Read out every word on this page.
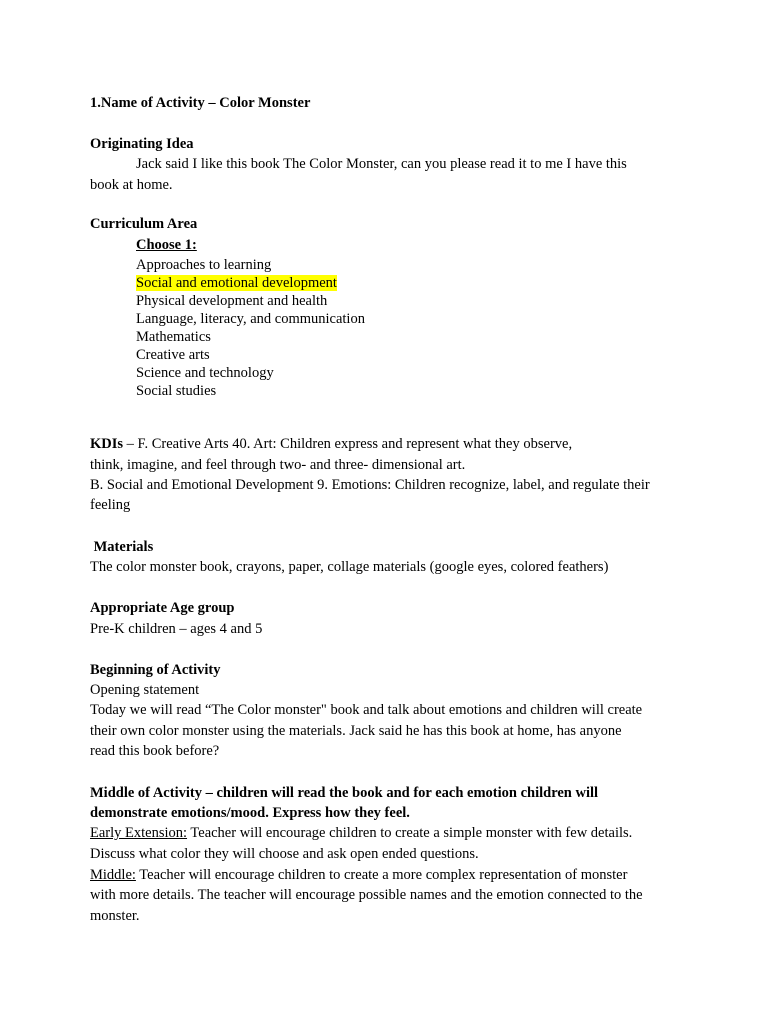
1.Name of Activity – Color Monster
Originating Idea
Jack said I like this book The Color Monster, can you please read it to me I have this
book at home.
Curriculum Area
Choose 1:
Approaches to learning
Social and emotional development
Physical development and health
Language, literacy, and communication
Mathematics
Creative arts
Science and technology
Social studies
KDIs – F. Creative Arts 40. Art: Children express and represent what they observe,
think, imagine, and feel through two- and three- dimensional art.
B. Social and Emotional Development 9. Emotions: Children recognize, label, and regulate their
feeling
Materials
The color monster book, crayons, paper, collage materials (google eyes, colored feathers)
Appropriate Age group
Pre-K children – ages 4 and 5
Beginning of Activity
Opening statement
Today we will read “The Color monster" book and talk about emotions and children will create
their own color monster using the materials. Jack said he has this book at home, has anyone
read this book before?
Middle of Activity – children will read the book and for each emotion children will
demonstrate emotions/mood. Express how they feel.
Early Extension: Teacher will encourage children to create a simple monster with few details.
Discuss what color they will choose and ask open ended questions.
Middle: Teacher will encourage children to create a more complex representation of monster
with more details. The teacher will encourage possible names and the emotion connected to the
monster.
